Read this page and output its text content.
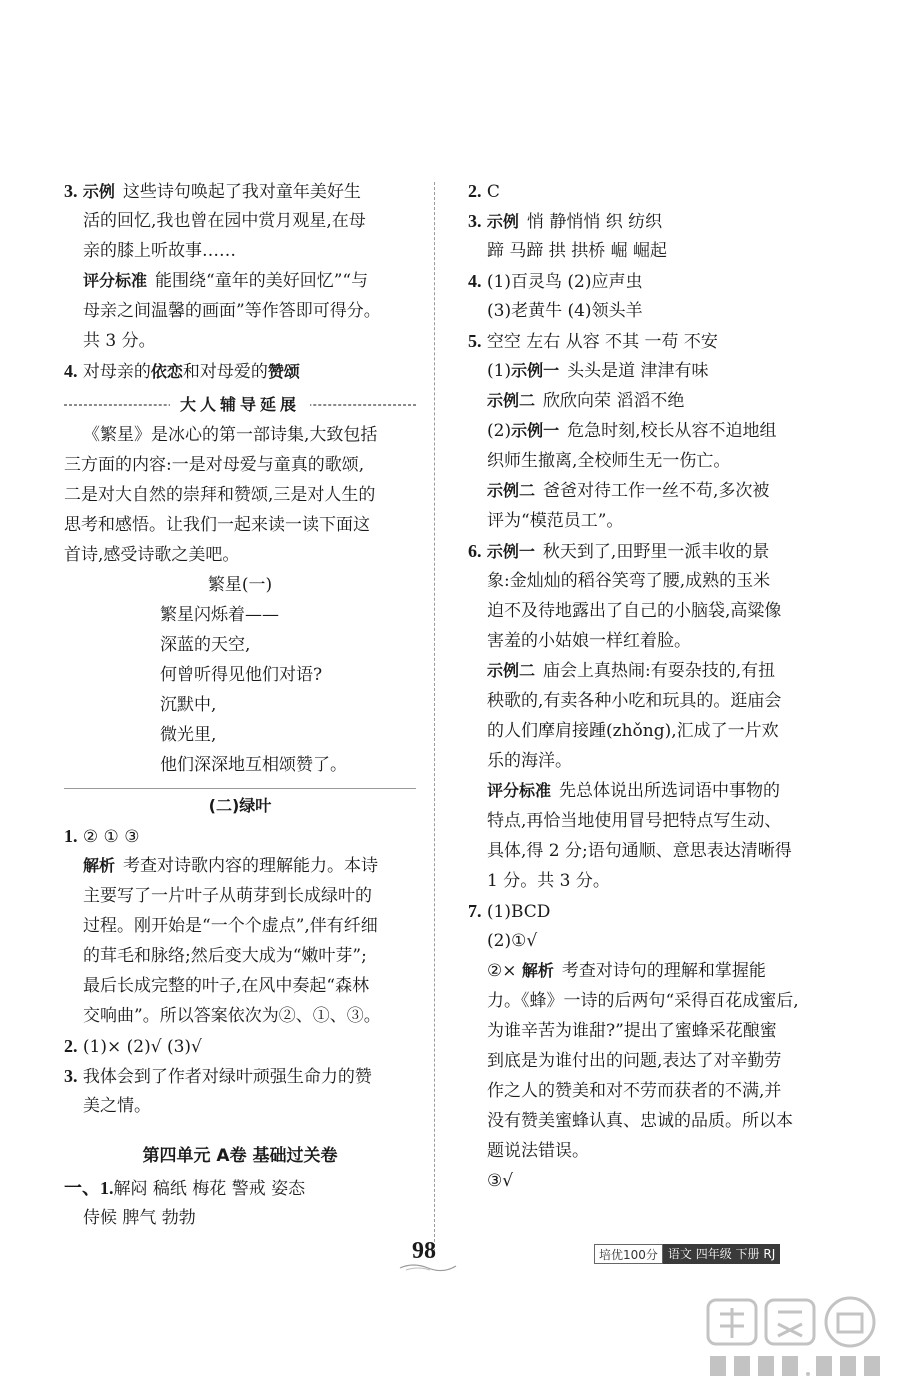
3. 示例 这些诗句唤起了我对童年美好生
活的回忆,我也曾在园中赏月观星,在母
亲的膝上听故事……
评分标准 能围绕“童年的美好回忆”“与
母亲之间温馨的画面”等作答即可得分。
共 3 分。
4. 对母亲的依恋和对母爱的赞颂
大人辅导延展
《繁星》是冰心的第一部诗集,大致包括
三方面的内容:一是对母爱与童真的歌颂,
二是对大自然的崇拜和赞颂,三是对人生的
思考和感悟。让我们一起来读一读下面这
首诗,感受诗歌之美吧。
繁星(一)
繁星闪烁着——
深蓝的天空,
何曾听得见他们对语?
沉默中,
微光里,
他们深深地互相颂赞了。
(二)绿叶
1. ② ① ③
解析 考查对诗歌内容的理解能力。本诗
主要写了一片叶子从萌芽到长成绿叶的
过程。刚开始是“一个个虚点”,伴有纤细
的茸毛和脉络;然后变大成为“嫩叶芽”;
最后长成完整的叶子,在风中奏起“森林
交响曲”。所以答案依次为②、①、③。
2. (1)× (2)√ (3)√
3. 我体会到了作者对绿叶顽强生命力的赞
美之情。
第四单元 A卷 基础过关卷
一、1.解闷 稿纸 梅花 警戒 姿态
侍候 脾气 勃勃
2. C
3. 示例 悄 静悄悄 织 纺织
蹄 马蹄 拱 拱桥 崛 崛起
4. (1)百灵鸟 (2)应声虫
(3)老黄牛 (4)领头羊
5. 空空 左右 从容 不其 一苟 不安
(1)示例一 头头是道 津津有味
示例二 欣欣向荣 滔滔不绝
(2)示例一 危急时刻,校长从容不迫地组
织师生撤离,全校师生无一伤亡。
示例二 爸爸对待工作一丝不苟,多次被
评为“模范员工”。
6. 示例一 秋天到了,田野里一派丰收的景
象:金灿灿的稻谷笑弯了腰,成熟的玉米
迫不及待地露出了自己的小脑袋,高粱像
害羞的小姑娘一样红着脸。
示例二 庙会上真热闹:有耍杂技的,有扭
秧歌的,有卖各种小吃和玩具的。逛庙会
的人们摩肩接踵(zhǒng),汇成了一片欢
乐的海洋。
评分标准 先总体说出所选词语中事物的
特点,再恰当地使用冒号把特点写生动、
具体,得 2 分;语句通顺、意思表达清晰得
1 分。共 3 分。
7. (1)BCD
(2)①√
②× 解析 考查对诗句的理解和掌握能
力。《蜂》一诗的后两句“采得百花成蜜后,
为谁辛苦为谁甜?”提出了蜜蜂采花酿蜜
到底是为谁付出的问题,表达了对辛勤劳
作之人的赞美和对不劳而获者的不满,并
没有赞美蜜蜂认真、忠诚的品质。所以本
题说法错误。
③√
98	培优100分 语文 四年级 下册 RJ
